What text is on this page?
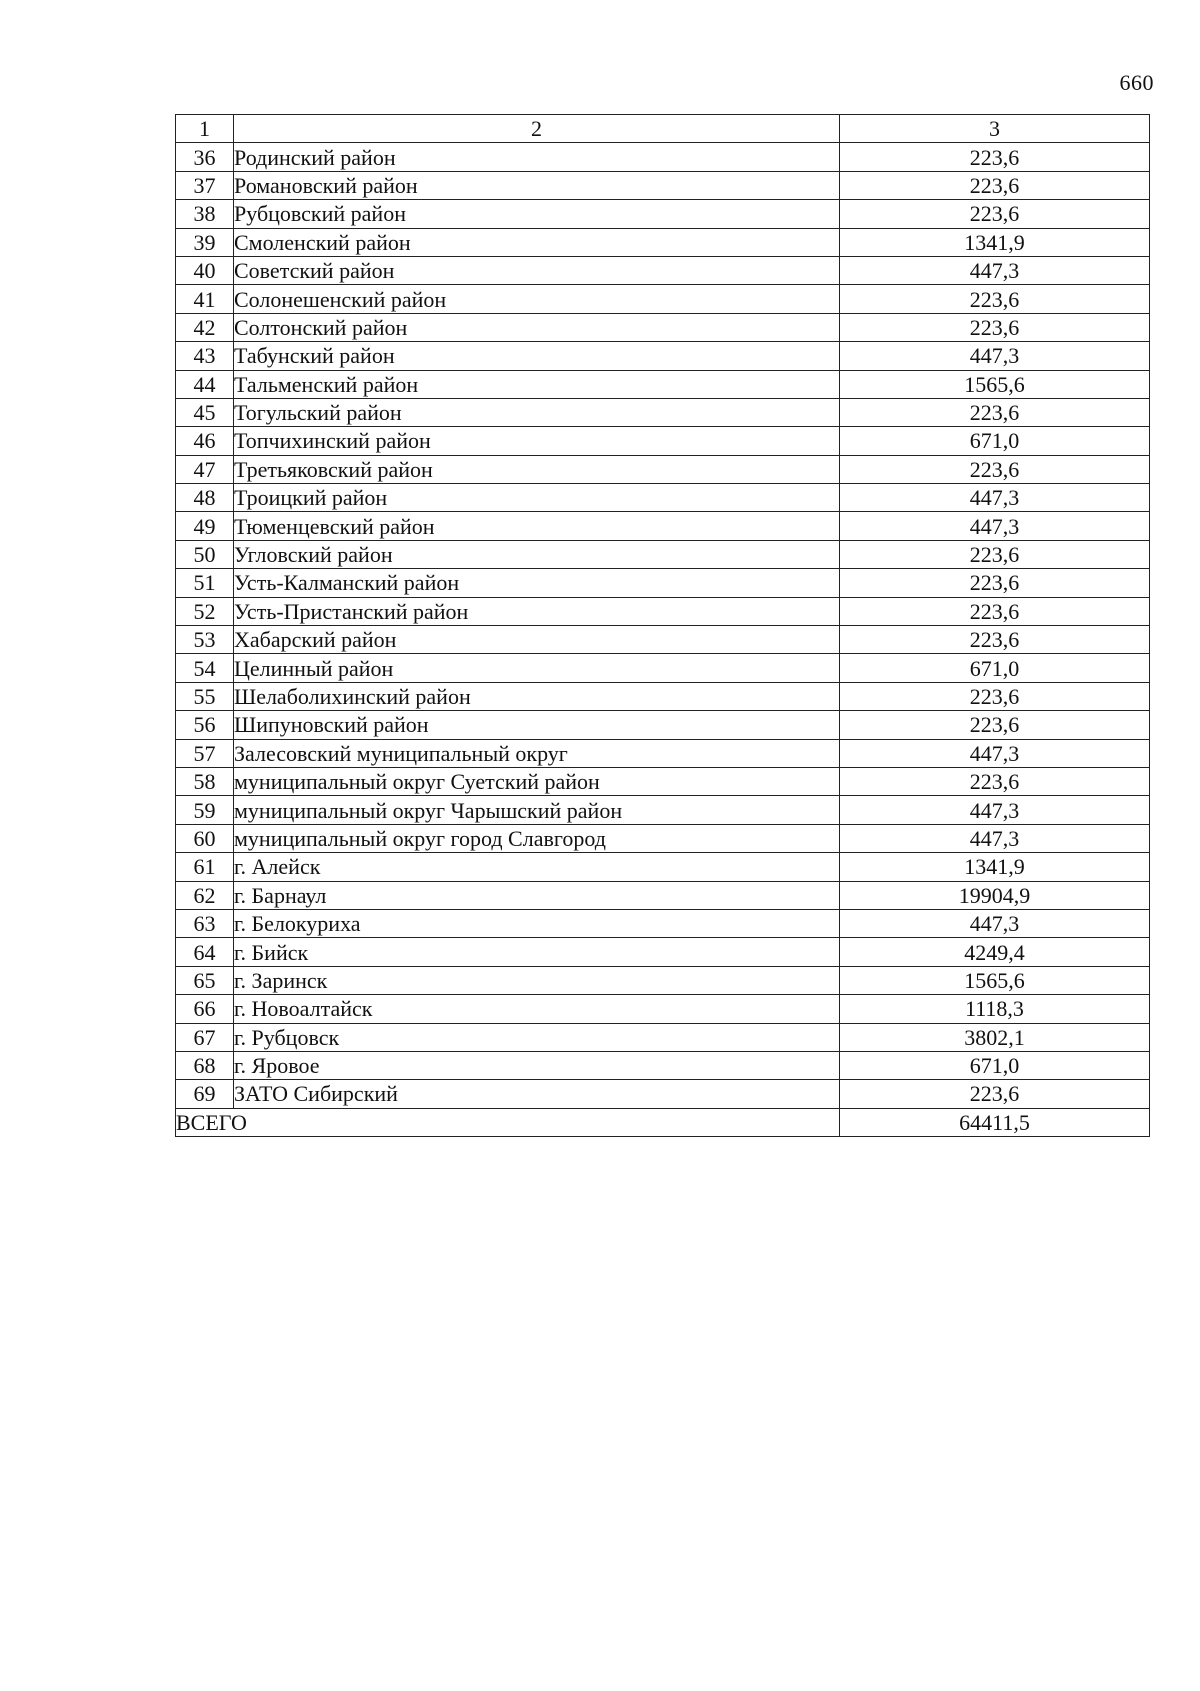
660
1	2	3
36	Родинский район	223,6
37	Романовский район	223,6
38	Рубцовский район	223,6
39	Смоленский район	1341,9
40	Советский район	447,3
41	Солонешенский район	223,6
42	Солтонский район	223,6
43	Табунский район	447,3
44	Тальменский район	1565,6
45	Тогульский район	223,6
46	Топчихинский район	671,0
47	Третьяковский район	223,6
48	Троицкий район	447,3
49	Тюменцевский район	447,3
50	Угловский район	223,6
51	Усть-Калманский район	223,6
52	Усть-Пристанский район	223,6
53	Хабарский район	223,6
54	Целинный район	671,0
55	Шелаболихинский район	223,6
56	Шипуновский район	223,6
57	Залесовский муниципальный округ	447,3
58	муниципальный округ Суетский район	223,6
59	муниципальный округ Чарышский район	447,3
60	муниципальный округ город Славгород	447,3
61	г. Алейск	1341,9
62	г. Барнаул	19904,9
63	г. Белокуриха	447,3
64	г. Бийск	4249,4
65	г. Заринск	1565,6
66	г. Новоалтайск	1118,3
67	г. Рубцовск	3802,1
68	г. Яровое	671,0
69	ЗАТО Сибирский	223,6
ВСЕГО		64411,5
